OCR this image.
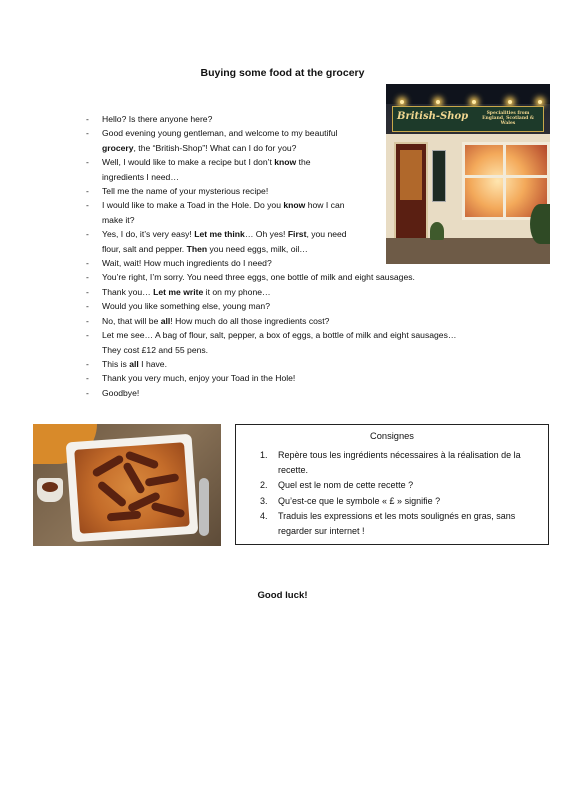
Buying some food at the grocery
British-Shop	Specialities from England, Scotland & Wales
- Hello? Is there anyone here?
- Good evening young gentleman, and welcome to my beautiful
grocery, the “British-Shop”! What can I do for you?
- Well, I would like to make a recipe but I don’t know the
ingredients I need…
- Tell me the name of your mysterious recipe!
- I would like to make a Toad in the Hole. Do you know how I can
make it?
- Yes, I do, it’s very easy! Let me think… Oh yes! First, you need
flour, salt and pepper. Then you need eggs, milk, oil…
- Wait, wait! How much ingredients do I need?
- You’re right, I’m sorry. You need three eggs, one bottle of milk and eight sausages.
- Thank you… Let me write it on my phone…
- Would you like something else, young man?
- No, that will be all! How much do all those ingredients cost?
- Let me see… A bag of flour, salt, pepper, a box of eggs, a bottle of milk and eight sausages…
They cost £12 and 55 pens.
- This is all I have.
- Thank you very much, enjoy your Toad in the Hole!
- Goodbye!
Consignes
1. Repère tous les ingrédients nécessaires à la réalisation de la recette.
2. Quel est le nom de cette recette ?
3. Qu’est-ce que le symbole « £ » signifie ?
4. Traduis les expressions et les mots soulignés en gras, sans regarder sur internet !
Good luck!
